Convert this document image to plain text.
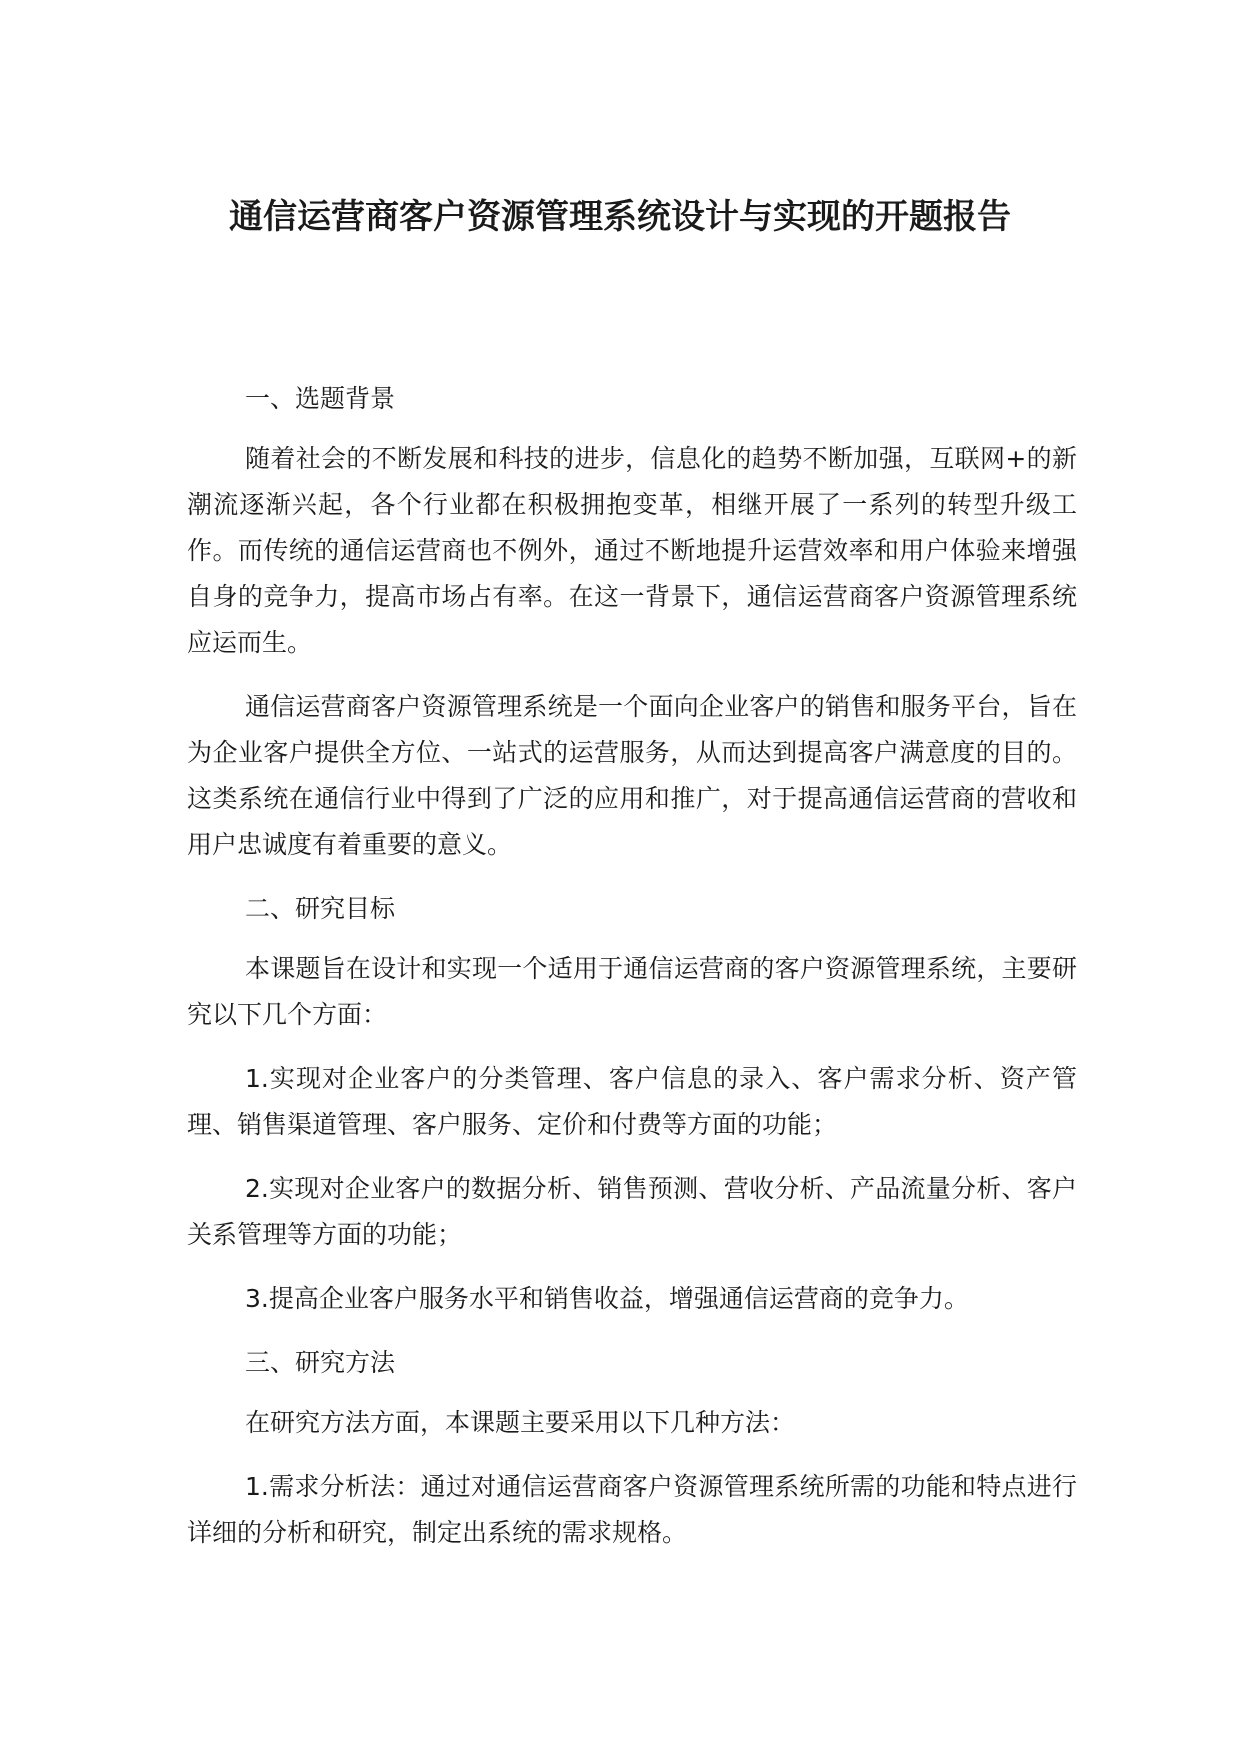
通信运营商客户资源管理系统设计与实现的开题报告

一、选题背景

随着社会的不断发展和科技的进步，信息化的趋势不断加强，互联网+的新潮流逐渐兴起，各个行业都在积极拥抱变革，相继开展了一系列的转型升级工作。而传统的通信运营商也不例外，通过不断地提升运营效率和用户体验来增强自身的竞争力，提高市场占有率。在这一背景下，通信运营商客户资源管理系统应运而生。

通信运营商客户资源管理系统是一个面向企业客户的销售和服务平台，旨在为企业客户提供全方位、一站式的运营服务，从而达到提高客户满意度的目的。这类系统在通信行业中得到了广泛的应用和推广，对于提高通信运营商的营收和用户忠诚度有着重要的意义。

二、研究目标

本课题旨在设计和实现一个适用于通信运营商的客户资源管理系统，主要研究以下几个方面：

1.实现对企业客户的分类管理、客户信息的录入、客户需求分析、资产管理、销售渠道管理、客户服务、定价和付费等方面的功能；

2.实现对企业客户的数据分析、销售预测、营收分析、产品流量分析、客户关系管理等方面的功能；

3.提高企业客户服务水平和销售收益，增强通信运营商的竞争力。

三、研究方法

在研究方法方面，本课题主要采用以下几种方法：

1.需求分析法：通过对通信运营商客户资源管理系统所需的功能和特点进行详细的分析和研究，制定出系统的需求规格。
